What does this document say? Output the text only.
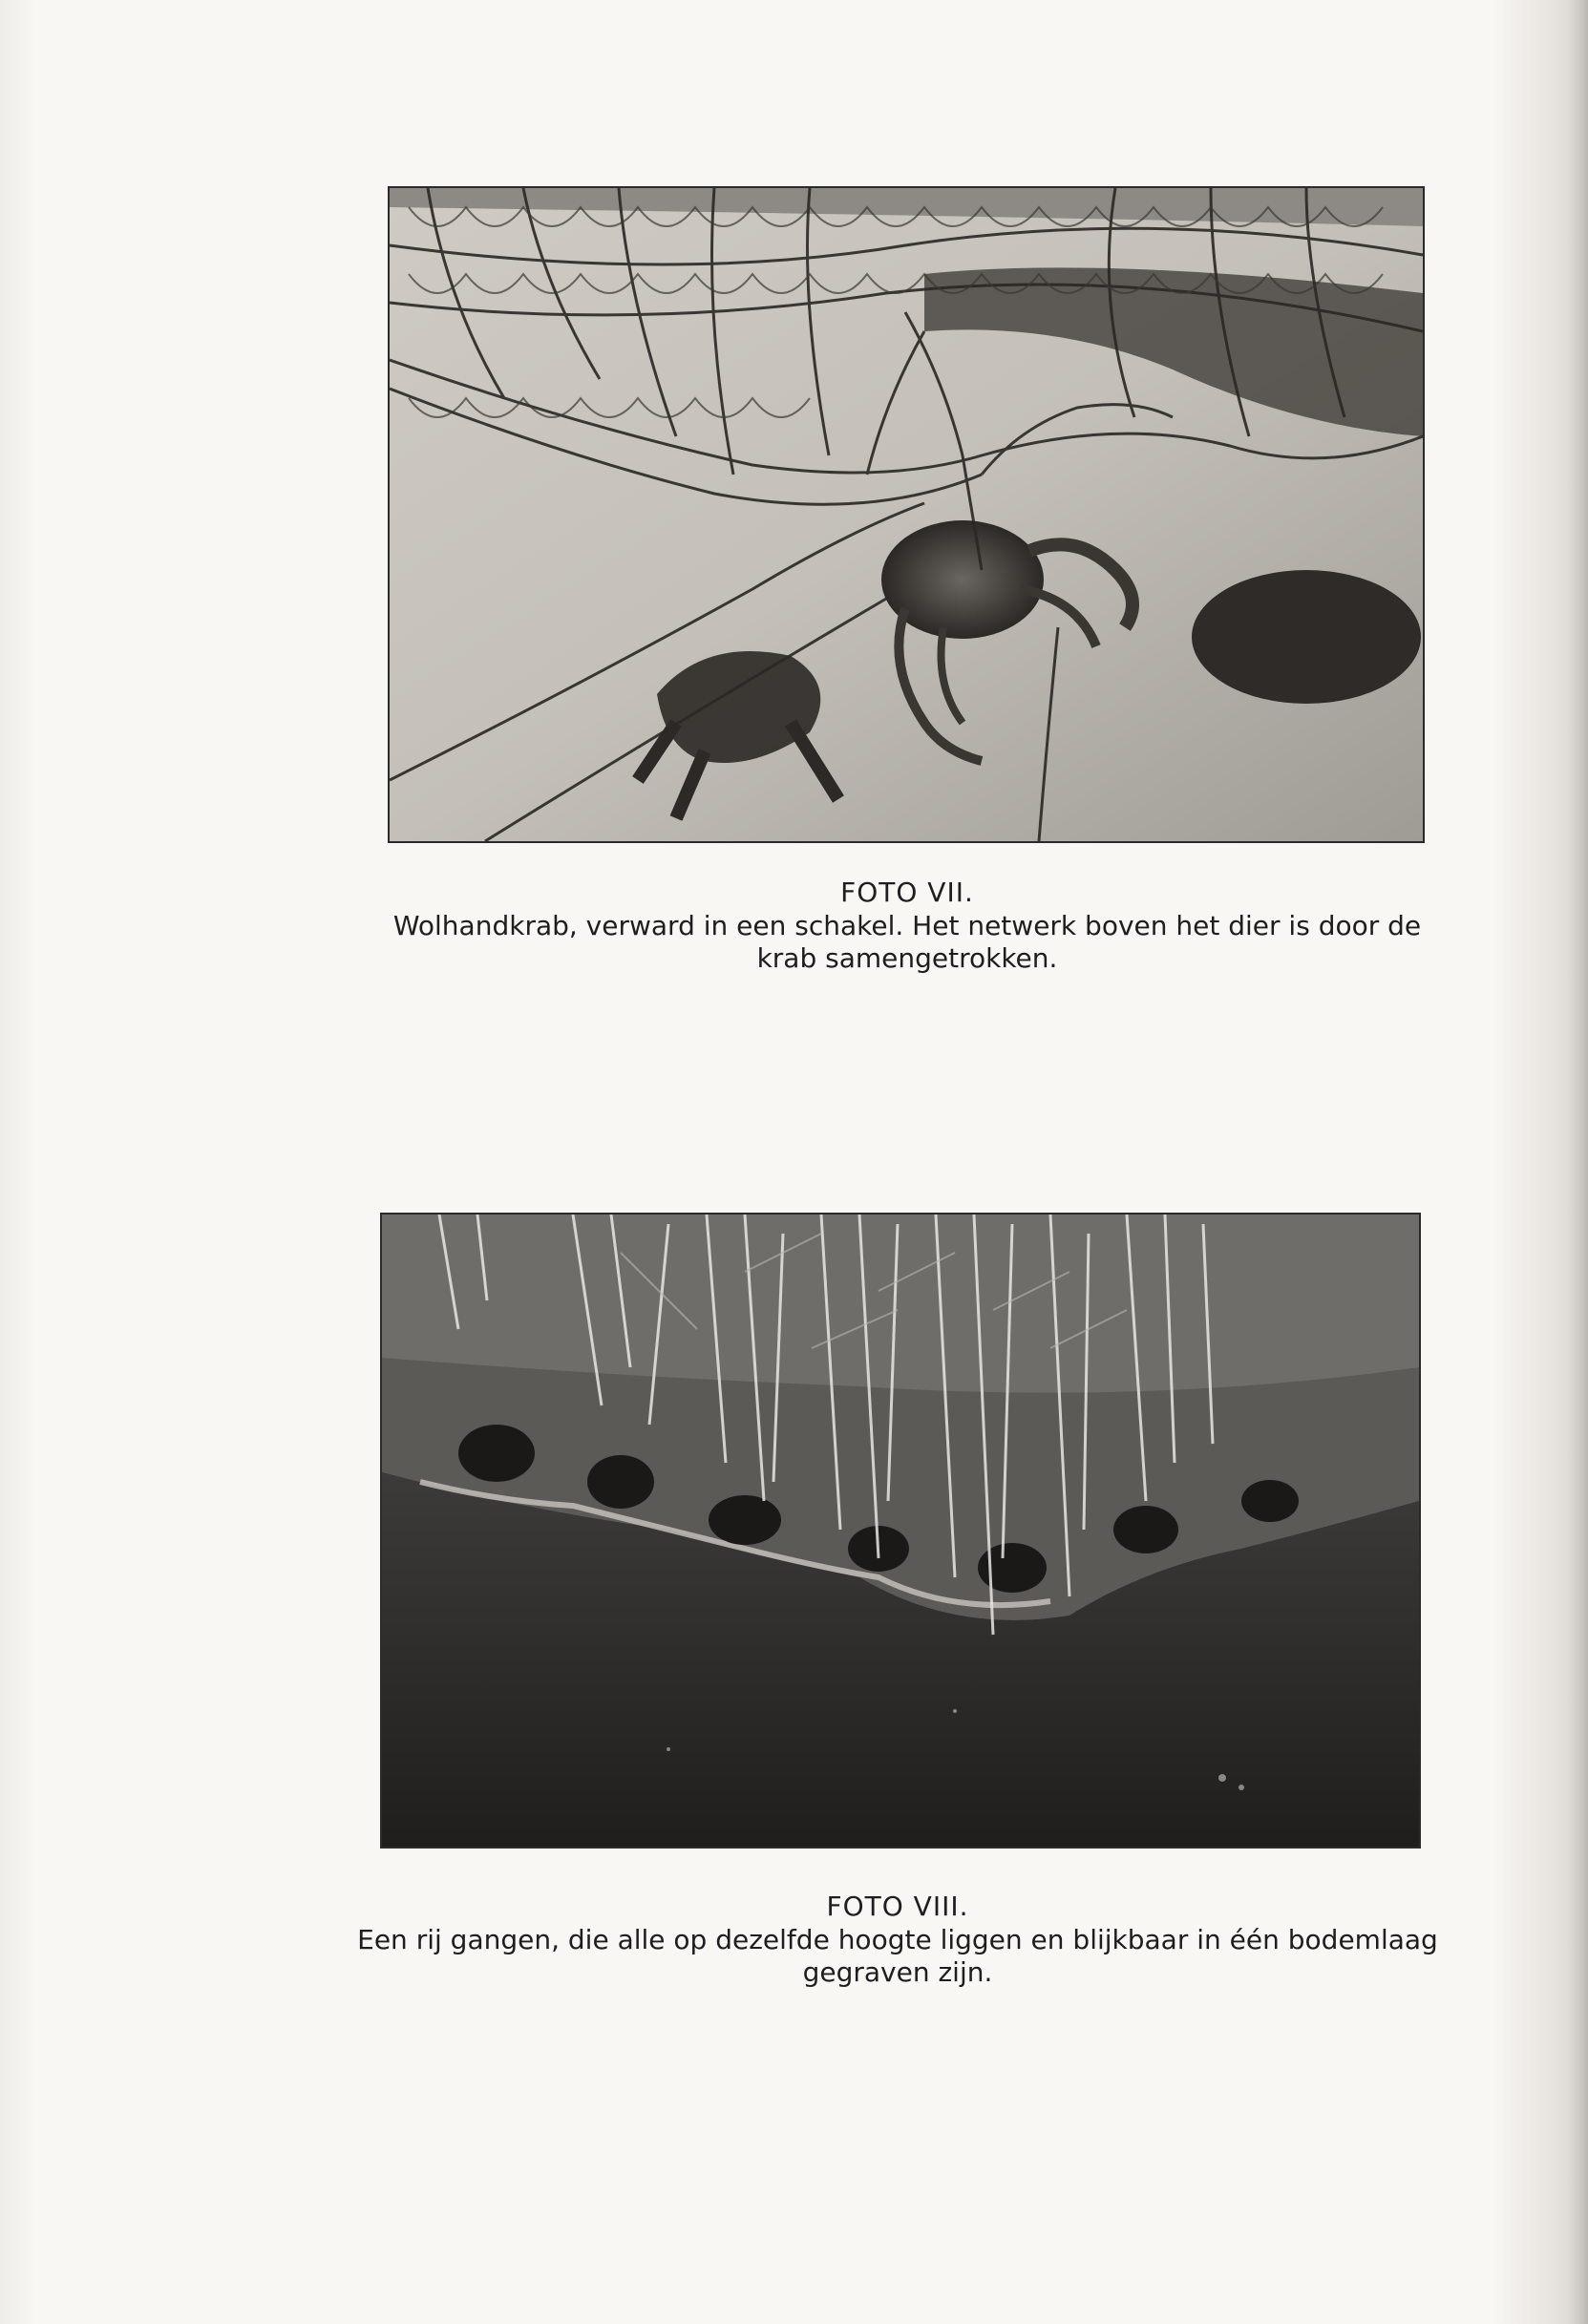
FOTO VII.
Wolhandkrab, verward in een schakel. Het netwerk boven het dier is door de
krab samengetrokken.
FOTO VIII.
Een rij gangen, die alle op dezelfde hoogte liggen en blijkbaar in één bodemlaag
gegraven zijn.
